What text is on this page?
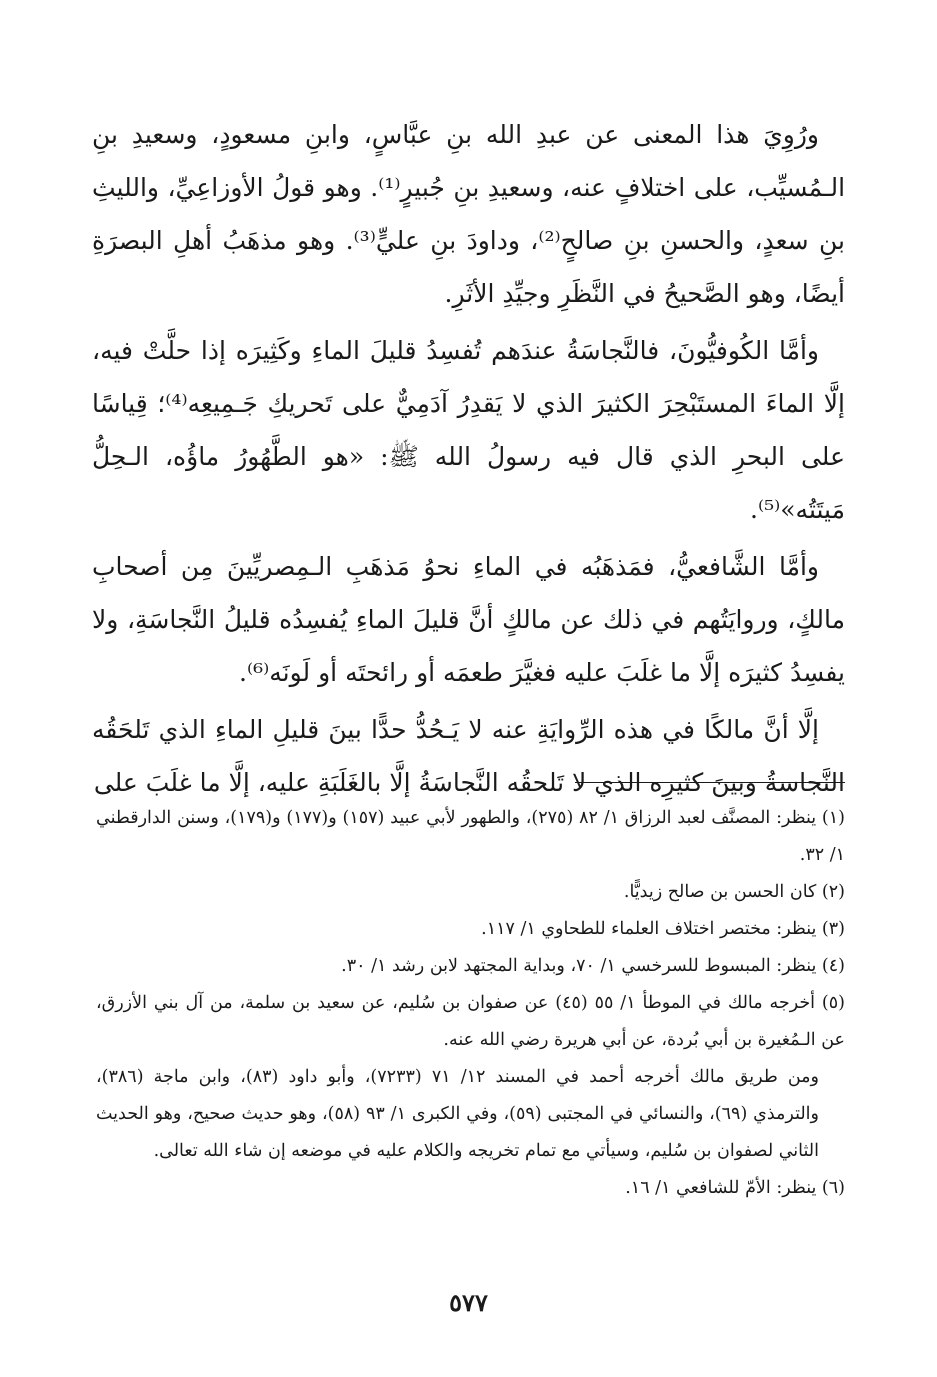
ورُوِيَ هذا المعنى عن عبدِ الله بنِ عبَّاسٍ، وابنِ مسعودٍ، وسعيدِ بنِ الـمُسيِّب، على اختلافٍ عنه، وسعيدِ بنِ جُبيرٍ⁽¹⁾. وهو قولُ الأوزاعِيِّ، والليثِ بنِ سعدٍ، والحسنِ بنِ صالحٍ⁽²⁾، وداودَ بنِ عليٍّ⁽³⁾. وهو مذهَبُ أهلِ البصرَةِ أيضًا، وهو الصَّحيحُ في النَّظَرِ وجيِّدِ الأثَرِ.

وأمَّا الكُوفيُّونَ، فالنَّجاسَةُ عندَهم تُفسِدُ قليلَ الماءِ وكَثِيرَه إذا حلَّتْ فيه، إلَّا الماءَ المستَبْحِرَ الكثيرَ الذي لا يَقدِرُ آدَمِيٌّ على تَحريكِ جَـمِيعِه⁽⁴⁾؛ قِياسًا على البحرِ الذي قال فيه رسولُ الله ﷺ: «هو الطَّهُورُ ماؤُه، الـحِلُّ مَيتَتُه»⁽⁵⁾.

وأمَّا الشَّافعيُّ، فمَذهَبُه في الماءِ نحوُ مَذهَبِ الـمِصريِّينَ مِن أصحابِ مالكٍ، وروايَتُهم في ذلك عن مالكٍ أنَّ قليلَ الماءِ يُفسِدُه قليلُ النَّجاسَةِ، ولا يفسِدُ كثيرَه إلَّا ما غلَبَ عليه فغيَّرَ طعمَه أو رائحتَه أو لَونَه⁽⁶⁾.

إلَّا أنَّ مالكًا في هذه الرِّوايَةِ عنه لا يَـحُدُّ حدًّا بينَ قليلِ الماءِ الذي تَلحَقُه النَّجاسةُ وبينَ كثيرِه الذي لا تَلحقُه النَّجاسَةُ إلَّا بالغَلَبَةِ عليه، إلَّا ما غلَبَ على

(١) ينظر: المصنَّف لعبد الرزاق ١/ ٨٢ (٢٧٥)، والطهور لأبي عبيد (١٥٧) و(١٧٧) و(١٧٩)، وسنن الدارقطني ١/ ٣٢.

(٢) كان الحسن بن صالح زيديًّا.

(٣) ينظر: مختصر اختلاف العلماء للطحاوي ١/ ١١٧.

(٤) ينظر: المبسوط للسرخسي ١/ ٧٠، وبداية المجتهد لابن رشد ١/ ٣٠.

(٥) أخرجه مالك في الموطأ ١/ ٥٥ (٤٥) عن صفوان بن سُليم، عن سعيد بن سلمة، من آل بني الأزرق، عن الـمُغيرة بن أبي بُردة، عن أبي هريرة رضي الله عنه.

ومن طريق مالك أخرجه أحمد في المسند ١٢/ ٧١ (٧٢٣٣)، وأبو داود (٨٣)، وابن ماجة (٣٨٦)، والترمذي (٦٩)، والنسائي في المجتبى (٥٩)، وفي الكبرى ١/ ٩٣ (٥٨)، وهو حديث صحيح، وهو الحديث الثاني لصفوان بن سُليم، وسيأتي مع تمام تخريجه والكلام عليه في موضعه إن شاء الله تعالى.

(٦) ينظر: الأمّ للشافعي ١/ ١٦.

٥٧٧
